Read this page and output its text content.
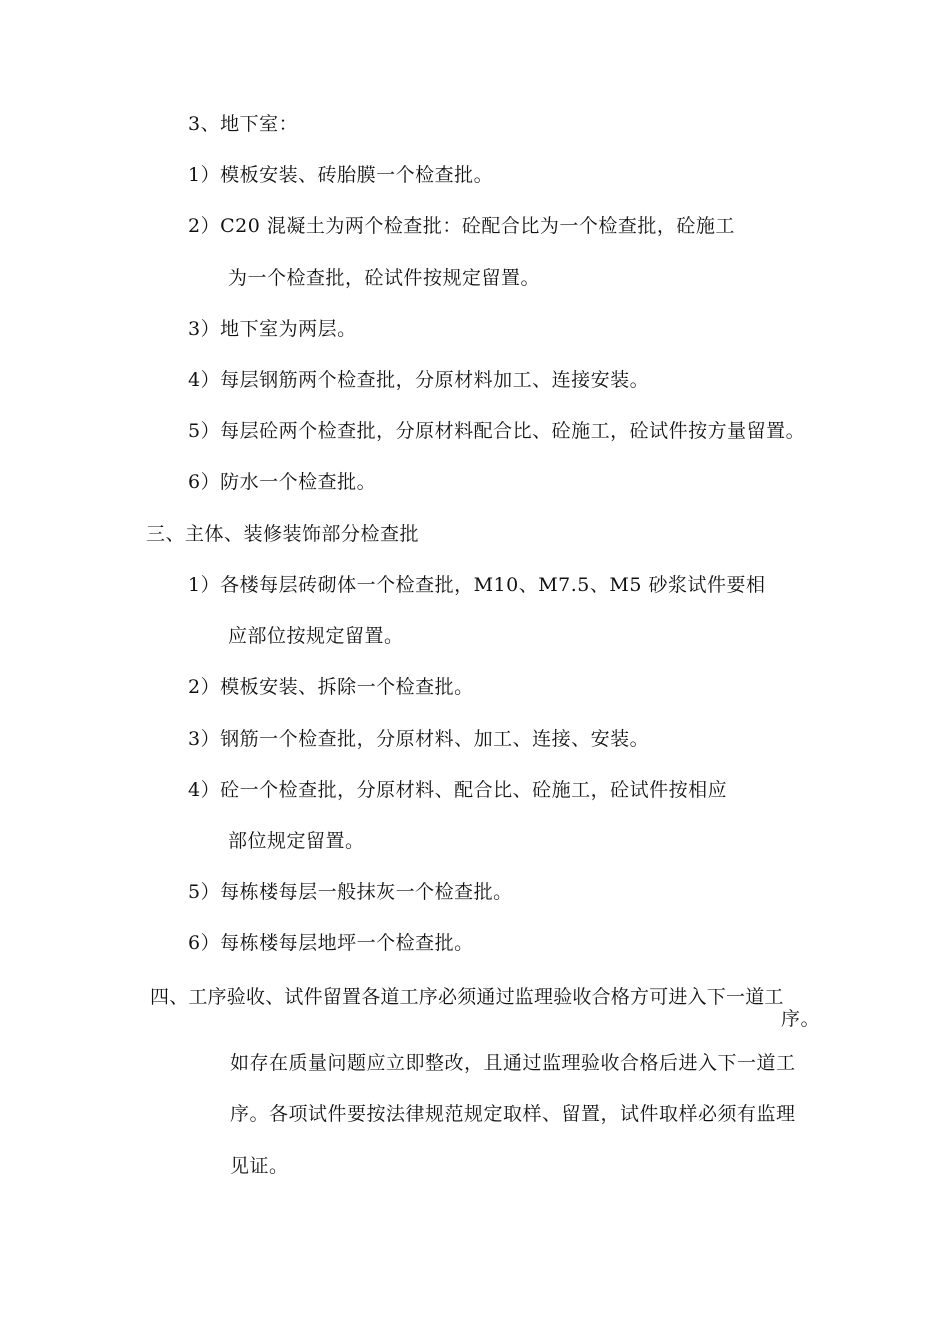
3、地下室：
1）模板安装、砖胎膜一个检查批。
2）C20 混凝土为两个检查批：砼配合比为一个检查批，砼施工
为一个检查批，砼试件按规定留置。
3）地下室为两层。
4）每层钢筋两个检查批，分原材料加工、连接安装。
5）每层砼两个检查批，分原材料配合比、砼施工，砼试件按方量留置。
6）防水一个检查批。
三、主体、装修装饰部分检查批
1）各楼每层砖砌体一个检查批，M10、M7.5、M5 砂浆试件要相
应部位按规定留置。
2）模板安装、拆除一个检查批。
3）钢筋一个检查批，分原材料、加工、连接、安装。
4）砼一个检查批，分原材料、配合比、砼施工，砼试件按相应
部位规定留置。
5）每栋楼每层一般抹灰一个检查批。
6）每栋楼每层地坪一个检查批。
四、工序验收、试件留置各道工序必须通过监理验收合格方可进入下一道工
序。
如存在质量问题应立即整改，且通过监理验收合格后进入下一道工
序。各项试件要按法律规范规定取样、留置，试件取样必须有监理
见证。
